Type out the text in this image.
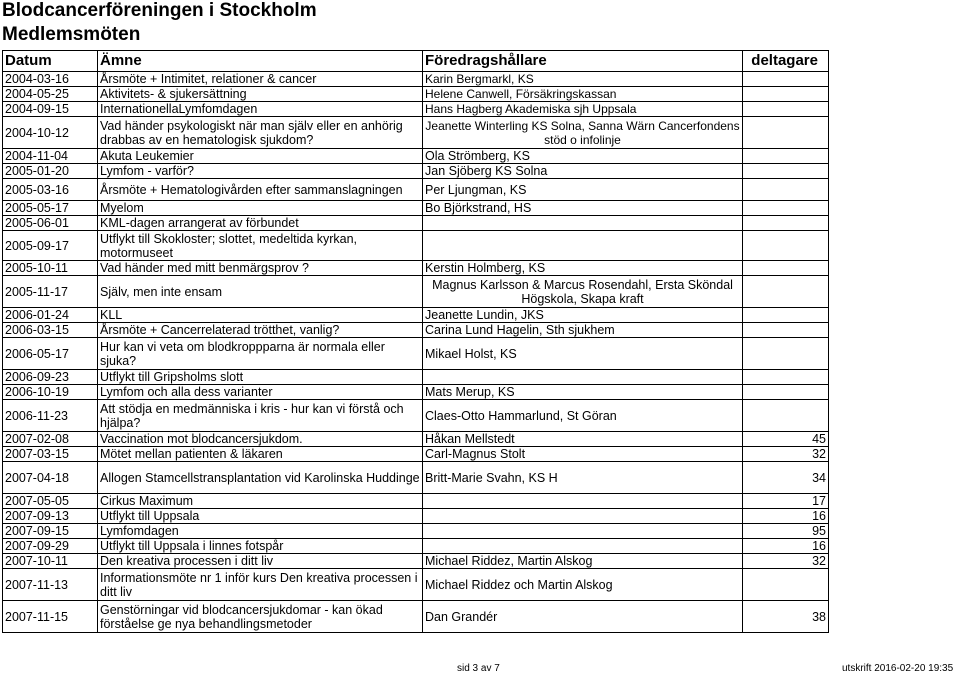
Blodcancerföreningen i Stockholm
Medlemsmöten
Datum	Ämne	Föredragshållare	deltagare
2004-03-16	Årsmöte + Intimitet, relationer & cancer	Karin Bergmarkl, KS	
2004-05-25	Aktivitets- & sjukersättning	Helene Canwell, Försäkringskassan	
2004-09-15	InternationellaLymfomdagen	Hans Hagberg Akademiska sjh Uppsala	
2004-10-12	Vad händer psykologiskt när man själv eller en anhörig drabbas av en hematologisk sjukdom?	Jeanette Winterling KS Solna, Sanna Wärn Cancerfondens stöd o infolinje	
2004-11-04	Akuta Leukemier	Ola Strömberg, KS	
2005-01-20	Lymfom - varför?	Jan Sjöberg KS Solna	
2005-03-16	Årsmöte + Hematologivården efter sammanslagningen	Per Ljungman, KS	
2005-05-17	Myelom	Bo Björkstrand, HS	
2005-06-01	KML-dagen arrangerat av förbundet		
2005-09-17	Utflykt till Skokloster; slottet, medeltida kyrkan, motormuseet		
2005-10-11	Vad händer med mitt benmärgsprov ?	Kerstin Holmberg, KS	
2005-11-17	Själv, men inte ensam	Magnus Karlsson & Marcus Rosendahl, Ersta Sköndal Högskola, Skapa kraft	
2006-01-24	KLL	Jeanette Lundin, JKS	
2006-03-15	Årsmöte + Cancerrelaterad trötthet, vanlig?	Carina Lund Hagelin, Sth sjukhem	
2006-05-17	Hur kan vi veta om blodkroppparna är normala eller sjuka?	Mikael Holst, KS	
2006-09-23	Utflykt till Gripsholms slott		
2006-10-19	Lymfom och alla dess varianter	Mats Merup, KS	
2006-11-23	Att stödja en medmänniska i kris - hur kan vi förstå och hjälpa?	Claes-Otto Hammarlund, St Göran	
2007-02-08	Vaccination mot blodcancersjukdom.	Håkan Mellstedt	45
2007-03-15	Mötet mellan patienten & läkaren	Carl-Magnus Stolt	32
2007-04-18	Allogen Stamcellstransplantation vid Karolinska Huddinge	Britt-Marie Svahn, KS H	34
2007-05-05	Cirkus Maximum		17
2007-09-13	Utflykt till Uppsala		16
2007-09-15	Lymfomdagen		95
2007-09-29	Utflykt till Uppsala i linnes fotspår		16
2007-10-11	Den kreativa processen i ditt liv	Michael Riddez, Martin Alskog	32
2007-11-13	Informationsmöte nr 1 inför kurs Den kreativa processen i ditt liv	Michael Riddez och Martin Alskog	
2007-11-15	Genstörningar vid blodcancersjukdomar - kan ökad förståelse ge nya behandlingsmetoder	Dan Grandér	38
sid 3 av 7	utskrift 2016-02-20 19:35
